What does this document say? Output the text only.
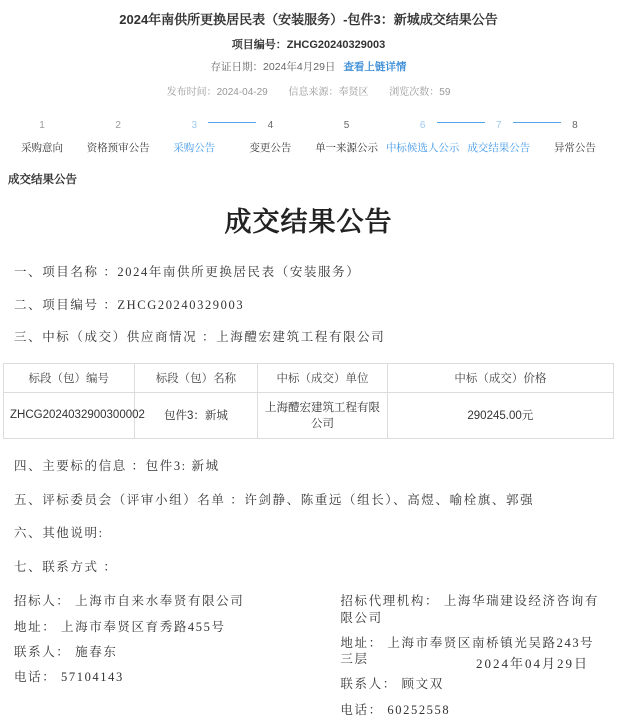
2024年南供所更换居民表（安装服务）-包件3：新城成交结果公告
项目编号：ZHCG20240329003
存证日期：2024年4月29日 查看上链详情
发布时间：2024-04-29 信息来源：奉贤区 浏览次数：59
1
采购意向
2
资格预审公告
3
采购公告
4
变更公告
5
单一来源公示
6
中标候选人公示
7
成交结果公告
8
异常公告
成交结果公告
成交结果公告
一、项目名称 ：2024年南供所更换居民表（安装服务）
二、项目编号 ：ZHCG20240329003
三、中标（成交）供应商情况 ：上海醴宏建筑工程有限公司
标段（包）编号	标段（包）名称	中标（成交）单位	中标（成交）价格
ZHCG2024032900300002	包件3：新城	上海醴宏建筑工程有限公司	290245.00元
四、主要标的信息 ：包件3: 新城
五、评标委员会（评审小组）名单 ：许剑静、陈重远（组长）、高煜、喻栓旗、郭强
六、其他说明:
七、联系方式 ：
招标人： 上海市自来水奉贤有限公司
地址： 上海市奉贤区育秀路455号
联系人： 施春东
电话： 57104143
招标代理机构： 上海华瑞建设经济咨询有限公司
地址： 上海市奉贤区南桥镇光吴路243号三层
联系人： 顾文双
电话： 60252558
2024年04月29日
